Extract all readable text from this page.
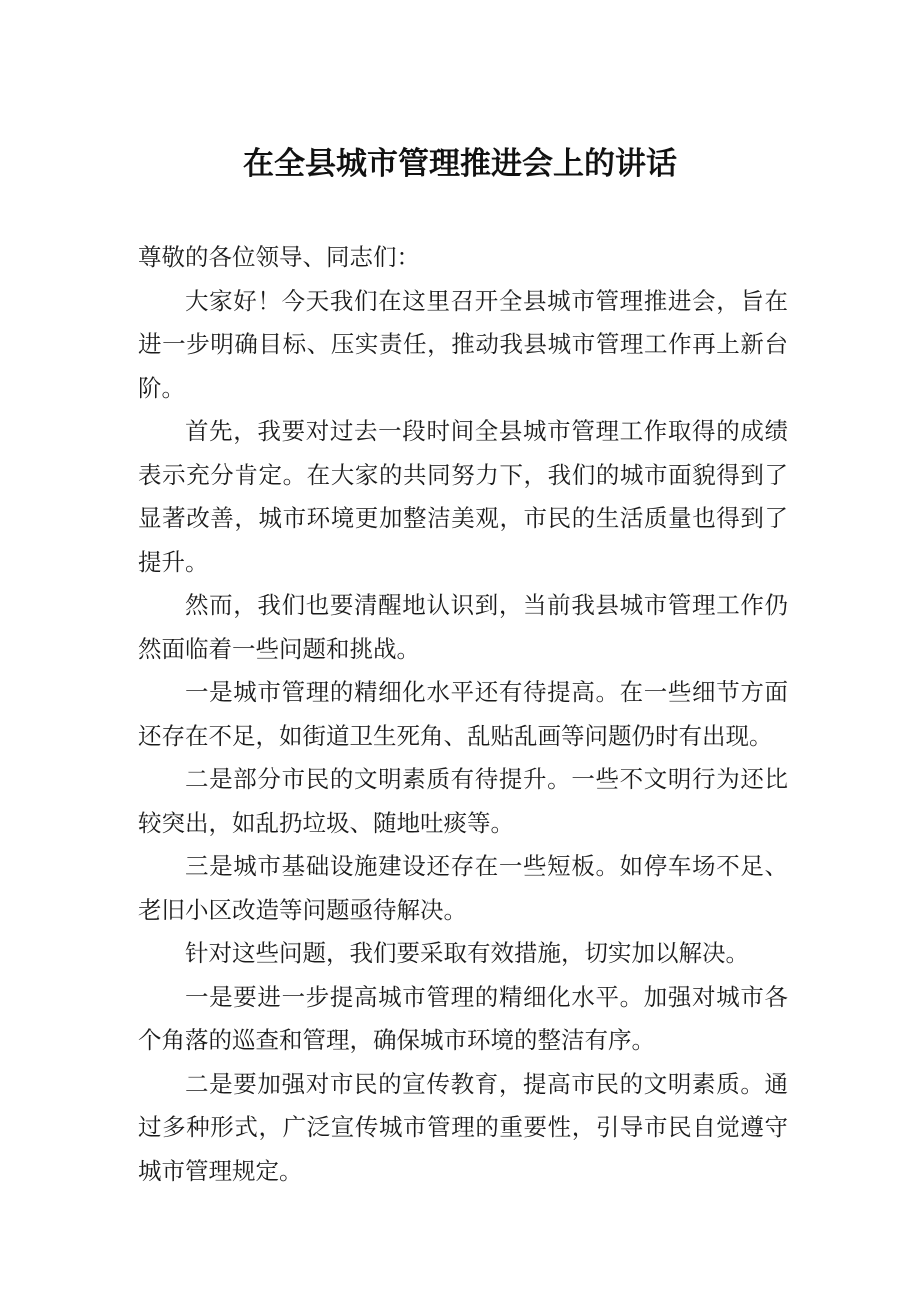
在全县城市管理推进会上的讲话

尊敬的各位领导、同志们：

大家好！今天我们在这里召开全县城市管理推进会，旨在进一步明确目标、压实责任，推动我县城市管理工作再上新台阶。

首先，我要对过去一段时间全县城市管理工作取得的成绩表示充分肯定。在大家的共同努力下，我们的城市面貌得到了显著改善，城市环境更加整洁美观，市民的生活质量也得到了提升。

然而，我们也要清醒地认识到，当前我县城市管理工作仍然面临着一些问题和挑战。

一是城市管理的精细化水平还有待提高。在一些细节方面还存在不足，如街道卫生死角、乱贴乱画等问题仍时有出现。

二是部分市民的文明素质有待提升。一些不文明行为还比较突出，如乱扔垃圾、随地吐痰等。

三是城市基础设施建设还存在一些短板。如停车场不足、老旧小区改造等问题亟待解决。

针对这些问题，我们要采取有效措施，切实加以解决。

一是要进一步提高城市管理的精细化水平。加强对城市各个角落的巡查和管理，确保城市环境的整洁有序。

二是要加强对市民的宣传教育，提高市民的文明素质。通过多种形式，广泛宣传城市管理的重要性，引导市民自觉遵守城市管理规定。
